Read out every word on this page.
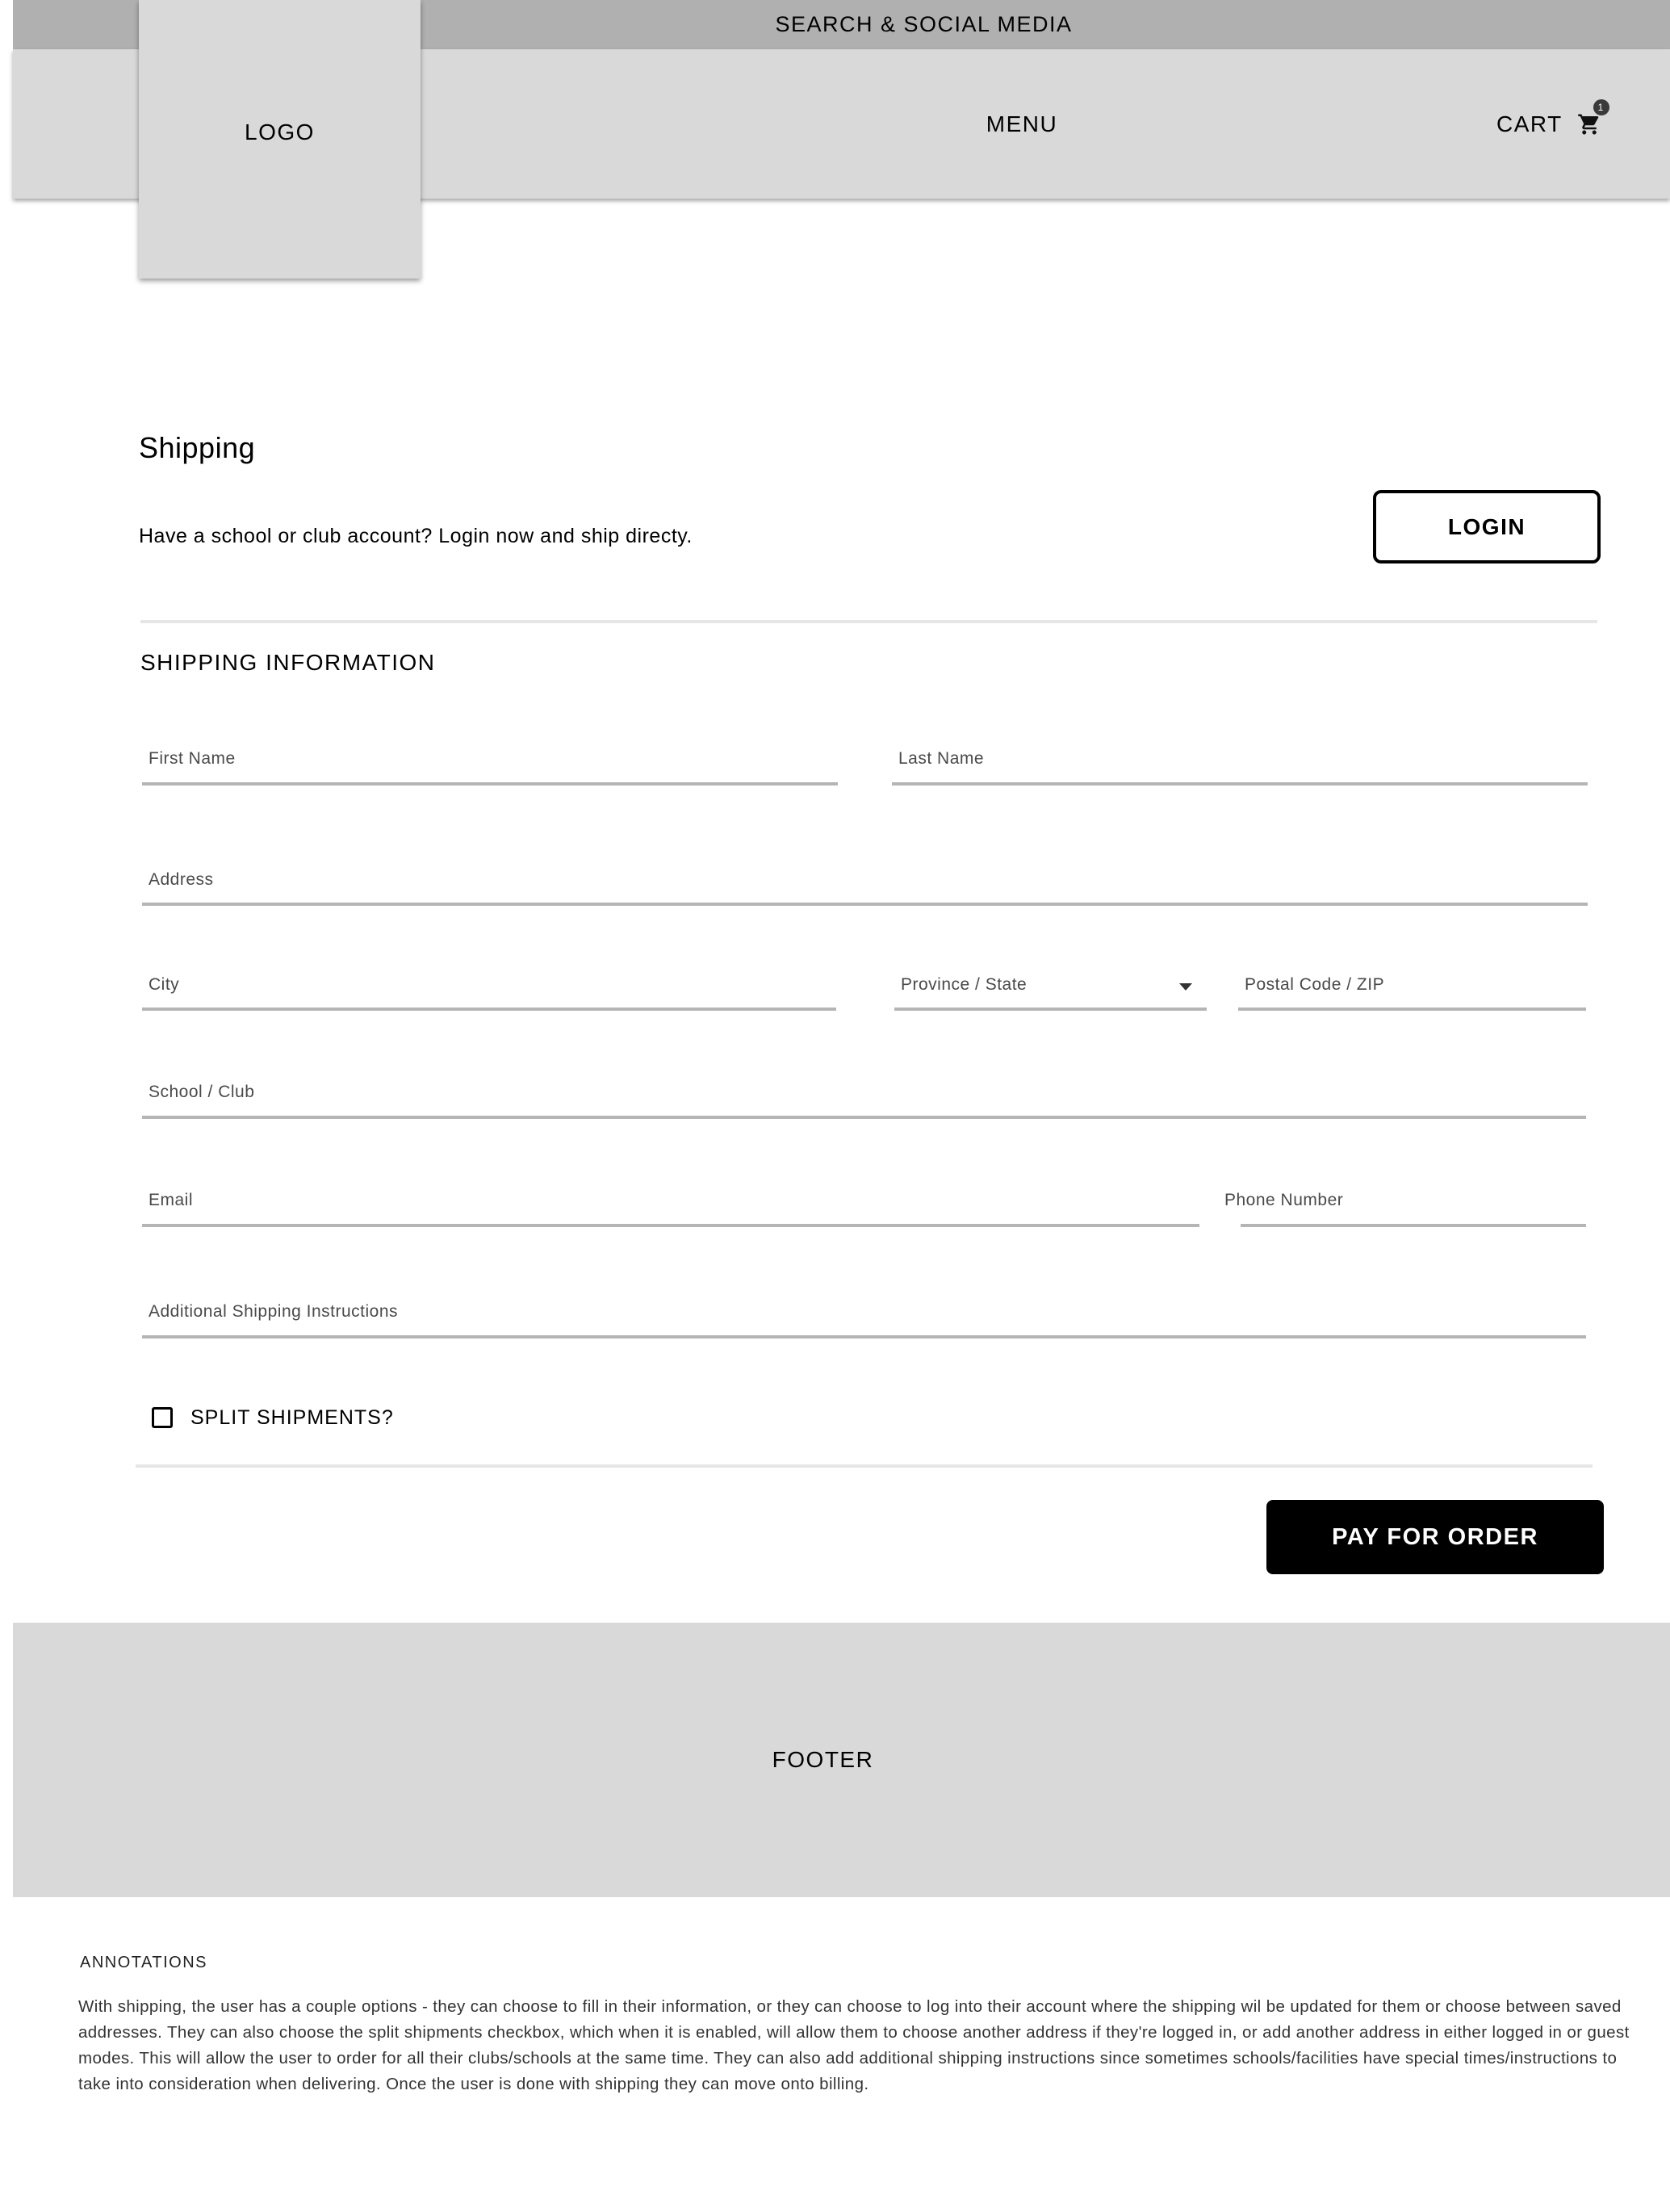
SEARCH & SOCIAL MEDIA
MENU	CART
1
LOGO
Shipping
Have a school or club account? Login now and ship directy.	LOGIN
SHIPPING INFORMATION
First Name	Last Name
Address
City	Province / State	Postal Code / ZIP
School / Club
Email	Phone Number
Additional Shipping Instructions
SPLIT SHIPMENTS?
PAY FOR ORDER
FOOTER
ANNOTATIONS
With shipping, the user has a couple options - they can choose to fill in their information, or they can choose to log into their account where the shipping wil be updated for them or choose between saved addresses. They can also choose the split shipments checkbox, which when it is enabled, will allow them to choose another address if they're logged in, or add another address in either logged in or guest modes. This will allow the user to order for all their clubs/schools at the same time. They can also add additional shipping instructions since sometimes schools/facilities have special times/instructions to take into consideration when delivering. Once the user is done with shipping they can move onto billing.
